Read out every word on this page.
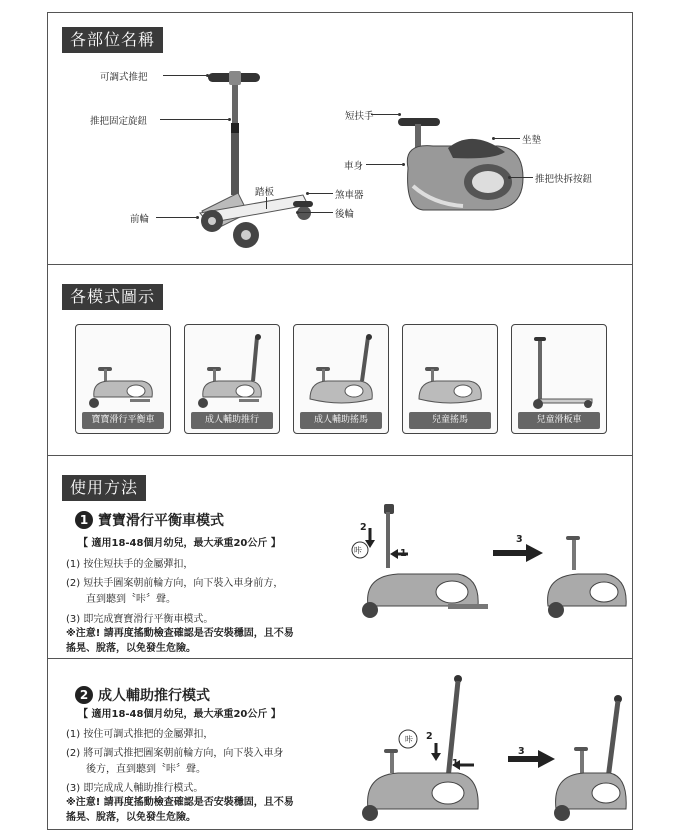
各部位名稱
可調式推把
推把固定旋鈕
踏板
前輪
短扶手
坐墊
車身
推把快拆按鈕
煞車器
後輪
各模式圖示
寶寶滑行平衡車	成人輔助推行	成人輔助搖馬	兒童搖馬	兒童滑板車
使用方法
1 寶寶滑行平衡車模式
【 適用18-48個月幼兒，最大承重20公斤 】
(1) 按住短扶手的金屬彈扣，
(2) 短扶手圖案朝前輪方向，向下裝入車身前方，
直到聽到〝咔〞聲。
(3) 即完成寶寶滑行平衡車模式。
※注意! 請再度搖動檢查確認是否安裝穩固，且不易
搖晃、脫落，以免發生危險。
2
咔	1
3
2 成人輔助推行模式
【 適用18-48個月幼兒，最大承重20公斤 】
(1) 按住可調式推把的金屬彈扣，
(2) 將可調式推把圖案朝前輪方向，向下裝入車身
後方，直到聽到〝咔〞聲。
(3) 即完成成人輔助推行模式。
※注意! 請再度搖動檢查確認是否安裝穩固，且不易
搖晃、脫落，以免發生危險。
咔 2
1
3
